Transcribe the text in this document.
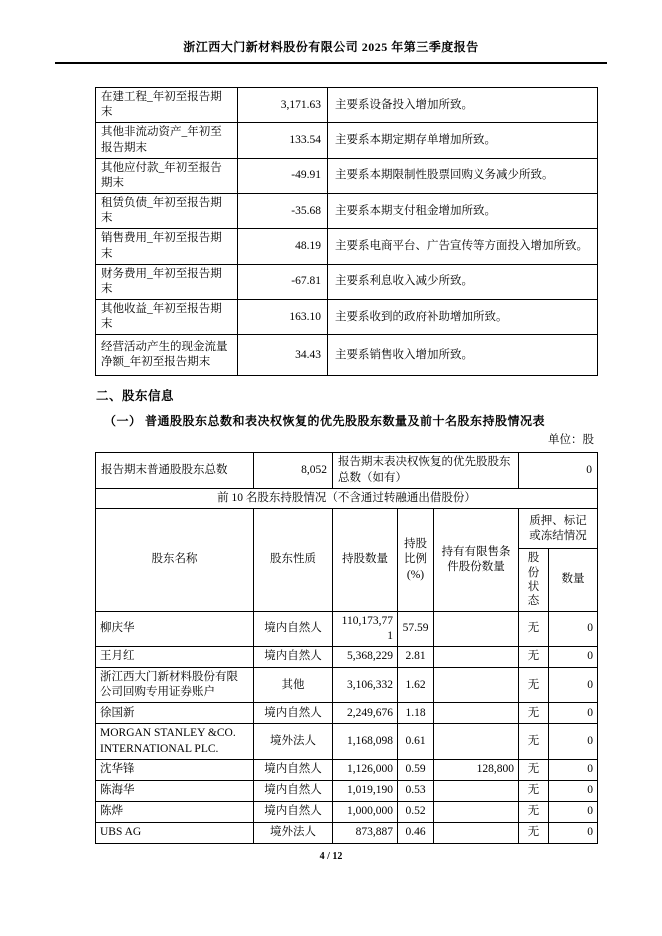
浙江西大门新材料股份有限公司 2025 年第三季度报告
在建工程_年初至报告期末	3,171.63	主要系设备投入增加所致。
其他非流动资产_年初至报告期末	133.54	主要系本期定期存单增加所致。
其他应付款_年初至报告期末	-49.91	主要系本期限制性股票回购义务减少所致。
租赁负债_年初至报告期末	-35.68	主要系本期支付租金增加所致。
销售费用_年初至报告期末	48.19	主要系电商平台、广告宣传等方面投入增加所致。
财务费用_年初至报告期末	-67.81	主要系利息收入减少所致。
其他收益_年初至报告期末	163.10	主要系收到的政府补助增加所致。
经营活动产生的现金流量净额_年初至报告期末	34.43	主要系销售收入增加所致。
二、股东信息
（一） 普通股股东总数和表决权恢复的优先股股东数量及前十名股东持股情况表
单位：股
报告期末普通股股东总数	8,052	报告期末表决权恢复的优先股股东总数（如有）			0	
前 10 名股东持股情况（不含通过转融通出借股份）						
股东名称	股东性质	持股数量	持股比例(%)	持有有限售条件股份数量	质押、标记或冻结情况	

					股份状态	数量
柳庆华	境内自然人	110,173,771	57.59		无	0
王月红	境内自然人	5,368,229	2.81		无	0
浙江西大门新材料股份有限公司回购专用证券账户	其他	3,106,332	1.62		无	0
徐国新	境内自然人	2,249,676	1.18		无	0
MORGAN STANLEY &CO. INTERNATIONAL PLC.	境外法人	1,168,098	0.61		无	0
沈华锋	境内自然人	1,126,000	0.59	128,800	无	0
陈海华	境内自然人	1,019,190	0.53		无	0
陈烨	境内自然人	1,000,000	0.52		无	0
UBS AG	境外法人	873,887	0.46		无	0
4 / 12
